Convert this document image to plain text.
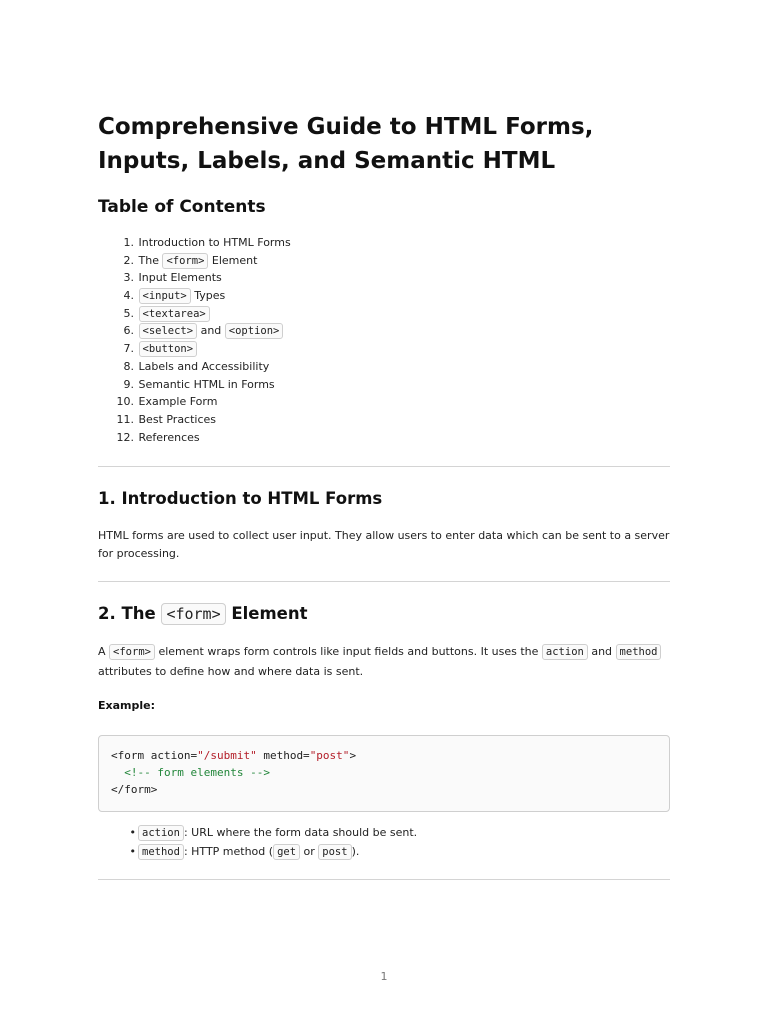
Comprehensive Guide to HTML Forms, Inputs, Labels, and Semantic HTML
Table of Contents
1. Introduction to HTML Forms
2. The <form> Element
3. Input Elements
4. <input> Types
5. <textarea>
6. <select> and <option>
7. <button>
8. Labels and Accessibility
9. Semantic HTML in Forms
10. Example Form
11. Best Practices
12. References
1. Introduction to HTML Forms

HTML forms are used to collect user input. They allow users to enter data which can be sent to a server for processing.

2. The <form> Element

A <form> element wraps form controls like input fields and buttons. It uses the action and method attributes to define how and where data is sent.

Example:

<form action="/submit" method="post">
<!-- form elements -->
</form>
• action : URL where the form data should be sent.
• method : HTTP method ( get or post ).
1
